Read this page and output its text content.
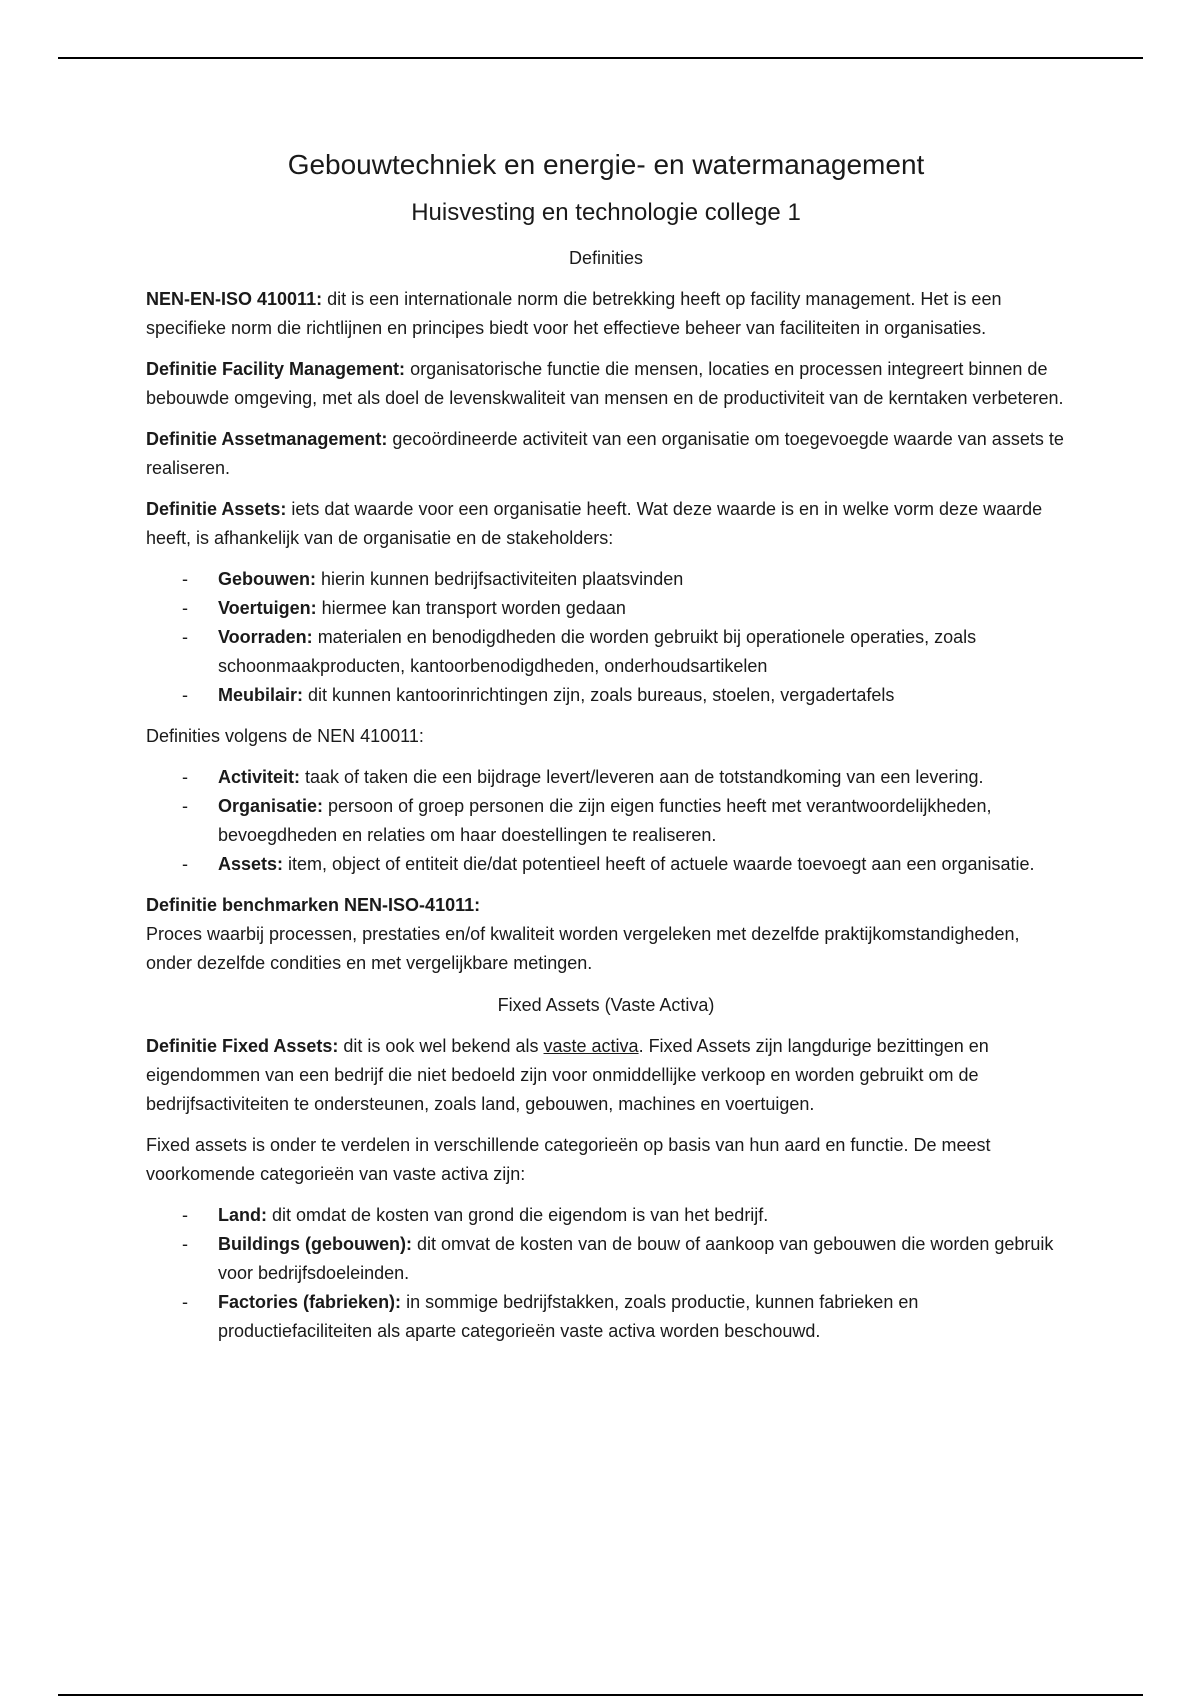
Gebouwtechniek en energie- en watermanagement
Huisvesting en technologie college 1
Definities

NEN-EN-ISO 410011: dit is een internationale norm die betrekking heeft op facility management. Het is een specifieke norm die richtlijnen en principes biedt voor het effectieve beheer van faciliteiten in organisaties.

Definitie Facility Management: organisatorische functie die mensen, locaties en processen integreert binnen de bebouwde omgeving, met als doel de levenskwaliteit van mensen en de productiviteit van de kerntaken verbeteren.

Definitie Assetmanagement: gecoördineerde activiteit van een organisatie om toegevoegde waarde van assets te realiseren.

Definitie Assets: iets dat waarde voor een organisatie heeft. Wat deze waarde is en in welke vorm deze waarde heeft, is afhankelijk van de organisatie en de stakeholders:

- Gebouwen: hierin kunnen bedrijfsactiviteiten plaatsvinden
- Voertuigen: hiermee kan transport worden gedaan
- Voorraden: materialen en benodigdheden die worden gebruikt bij operationele operaties, zoals schoonmaakproducten, kantoorbenodigdheden, onderhoudsartikelen
- Meubilair: dit kunnen kantoorinrichtingen zijn, zoals bureaus, stoelen, vergadertafels

Definities volgens de NEN 410011:

- Activiteit: taak of taken die een bijdrage levert/leveren aan de totstandkoming van een levering.
- Organisatie: persoon of groep personen die zijn eigen functies heeft met verantwoordelijkheden, bevoegdheden en relaties om haar doestellingen te realiseren.
- Assets: item, object of entiteit die/dat potentieel heeft of actuele waarde toevoegt aan een organisatie.

Definitie benchmarken NEN-ISO-41011:
Proces waarbij processen, prestaties en/of kwaliteit worden vergeleken met dezelfde praktijkomstandigheden, onder dezelfde condities en met vergelijkbare metingen.

Fixed Assets (Vaste Activa)

Definitie Fixed Assets: dit is ook wel bekend als vaste activa. Fixed Assets zijn langdurige bezittingen en eigendommen van een bedrijf die niet bedoeld zijn voor onmiddellijke verkoop en worden gebruikt om de bedrijfsactiviteiten te ondersteunen, zoals land, gebouwen, machines en voertuigen.

Fixed assets is onder te verdelen in verschillende categorieën op basis van hun aard en functie. De meest voorkomende categorieën van vaste activa zijn:

- Land: dit omdat de kosten van grond die eigendom is van het bedrijf.
- Buildings (gebouwen): dit omvat de kosten van de bouw of aankoop van gebouwen die worden gebruik voor bedrijfsdoeleinden.
- Factories (fabrieken): in sommige bedrijfstakken, zoals productie, kunnen fabrieken en productiefaciliteiten als aparte categorieën vaste activa worden beschouwd.
